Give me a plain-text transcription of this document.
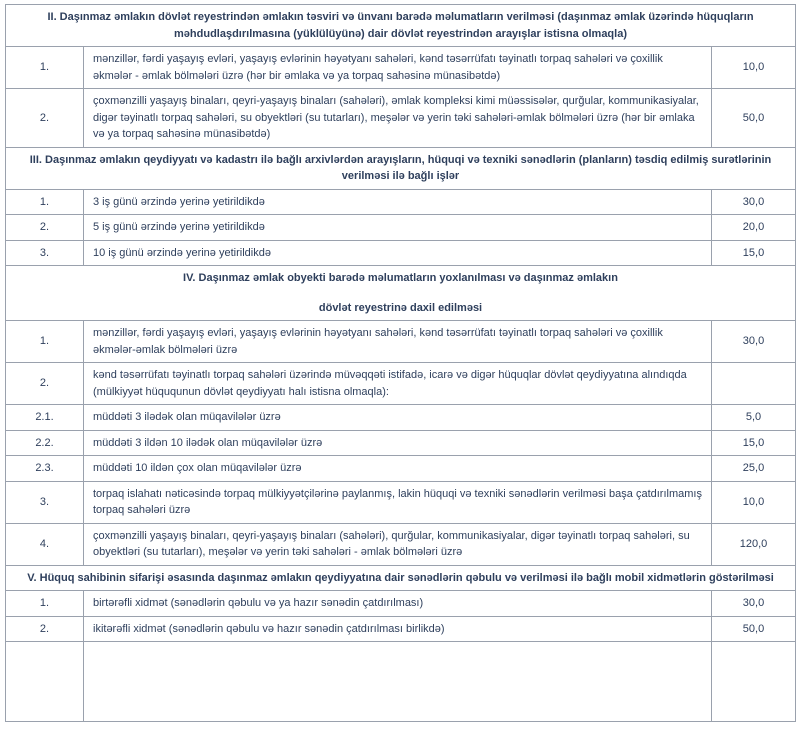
II. Daşınmaz əmlakın dövlət reyestrindən əmlakın təsviri və ünvanı barədə məlumatların verilməsi (daşınmaz əmlak üzərində hüquqların məhdudlaşdırılmasına (yüklülüyünə) dair dövlət reyestrindən arayışlar istisna olmaqla)		

1.	mənzillər, fərdi yaşayış evləri, yaşayış evlərinin həyətyanı sahələri, kənd təsərrüfatı təyinatlı torpaq sahələri və çoxillik əkmələr - əmlak bölmələri üzrə (hər bir əmlaka və ya torpaq sahəsinə münasibətdə)	10,0
2.	çoxmənzilli yaşayış binaları, qeyri-yaşayış binaları (sahələri), əmlak kompleksi kimi müəssisələr, qurğular, kommunikasiyalar, digər təyinatlı torpaq sahələri, su obyektləri (su tutarları), meşələr və yerin təki sahələri-əmlak bölmələri üzrə (hər bir əmlaka və ya torpaq sahəsinə münasibətdə)	50,0

III. Daşınmaz əmlakın qeydiyyatı və kadastrı ilə bağlı arxivlərdən arayışların, hüquqi və texniki sənədlərin (planların) təsdiq edilmiş surətlərinin verilməsi ilə bağlı işlər		

1.	3 iş günü ərzində yerinə yetirildikdə	30,0
2.	5 iş günü ərzində yerinə yetirildikdə	20,0
3.	10 iş günü ərzində yerinə yetirildikdə	15,0

IV. Daşınmaz əmlak obyekti barədə məlumatların yoxlanılması və daşınmaz əmlakın
dövlət reyestrinə daxil edilməsi		

1.	mənzillər, fərdi yaşayış evləri, yaşayış evlərinin həyətyanı sahələri, kənd təsərrüfatı təyinatlı torpaq sahələri və çoxillik əkmələr-əmlak bölmələri üzrə	30,0
2.	kənd təsərrüfatı təyinatlı torpaq sahələri üzərində müvəqqəti istifadə, icarə və digər hüquqlar dövlət qeydiyyatına alındıqda (mülkiyyət hüququnun dövlət qeydiyyatı halı istisna olmaqla):	
2.1.	müddəti 3 ilədək olan müqavilələr üzrə	5,0
2.2.	müddəti 3 ildən 10 ilədək olan müqavilələr üzrə	15,0
2.3.	müddəti 10 ildən çox olan müqavilələr üzrə	25,0
3.	torpaq islahatı nəticəsində torpaq mülkiyyətçilərinə paylanmış, lakin hüquqi və texniki sənədlərin verilməsi başa çatdırılmamış torpaq sahələri üzrə	10,0
4.	çoxmənzilli yaşayış binaları, qeyri-yaşayış binaları (sahələri), qurğular, kommunikasiyalar, digər təyinatlı torpaq sahələri, su obyektləri (su tutarları), meşələr və yerin təki sahələri - əmlak bölmələri üzrə	120,0

V. Hüquq sahibinin sifarişi əsasında daşınmaz əmlakın qeydiyyatına dair sənədlərin qəbulu və verilməsi ilə bağlı mobil xidmətlərin göstərilməsi		

1.	birtərəfli xidmət (sənədlərin qəbulu və ya hazır sənədin çatdırılması)	30,0
2.	ikitərəfli xidmət (sənədlərin qəbulu və hazır sənədin çatdırılması birlikdə)	50,0
